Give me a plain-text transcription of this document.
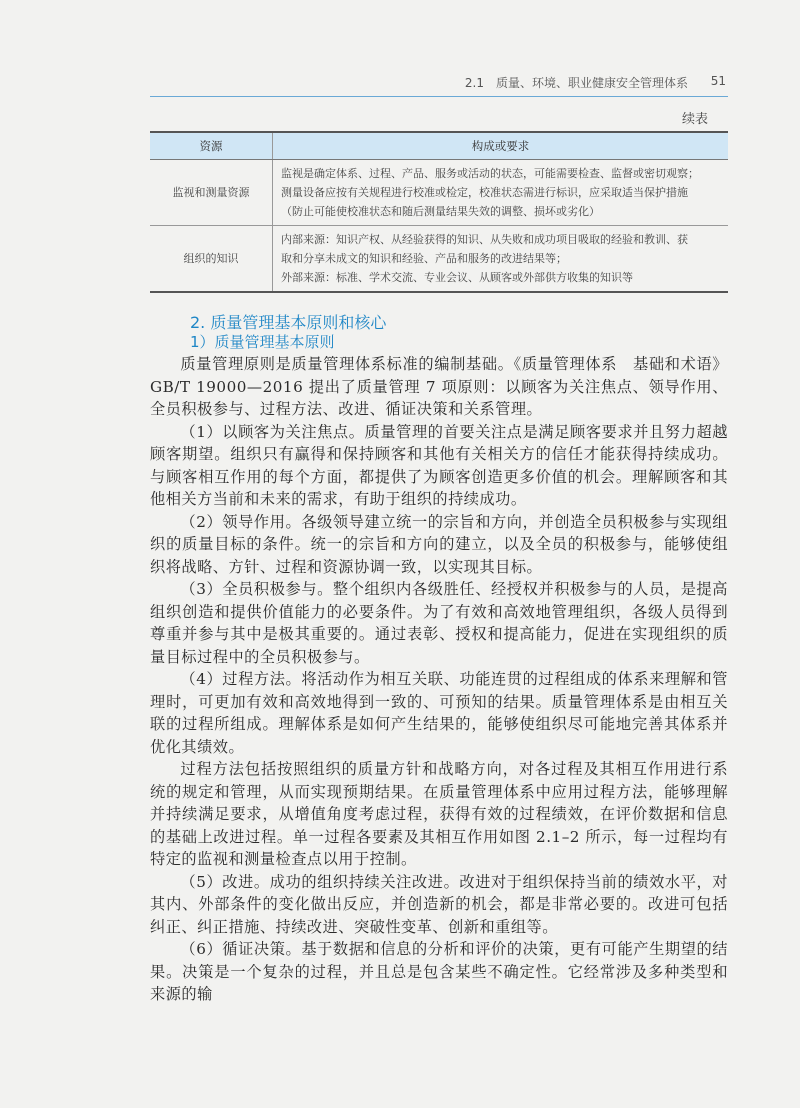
2.1　质量、环境、职业健康安全管理体系 51
续表
资源	构成或要求
监视和测量资源	监视是确定体系、过程、产品、服务或活动的状态，可能需要检查、监督或密切观察；
测量设备应按有关规程进行校准或检定，校准状态需进行标识，应采取适当保护措施
（防止可能使校准状态和随后测量结果失效的调整、损坏或劣化）

组织的知识	内部来源：知识产权、从经验获得的知识、从失败和成功项目吸取的经验和教训、获
取和分享未成文的知识和经验、产品和服务的改进结果等；
外部来源：标准、学术交流、专业会议、从顾客或外部供方收集的知识等
2. 质量管理基本原则和核心
1）质量管理基本原则

质量管理原则是质量管理体系标准的编制基础。《质量管理体系　基础和术语》GB/T 19000—2016 提出了质量管理 7 项原则：以顾客为关注焦点、领导作用、全员积极参与、过程方法、改进、循证决策和关系管理。

（1）以顾客为关注焦点。质量管理的首要关注点是满足顾客要求并且努力超越顾客期望。组织只有赢得和保持顾客和其他有关相关方的信任才能获得持续成功。与顾客相互作用的每个方面，都提供了为顾客创造更多价值的机会。理解顾客和其他相关方当前和未来的需求，有助于组织的持续成功。

（2）领导作用。各级领导建立统一的宗旨和方向，并创造全员积极参与实现组织的质量目标的条件。统一的宗旨和方向的建立，以及全员的积极参与，能够使组织将战略、方针、过程和资源协调一致，以实现其目标。

（3）全员积极参与。整个组织内各级胜任、经授权并积极参与的人员，是提高组织创造和提供价值能力的必要条件。为了有效和高效地管理组织，各级人员得到尊重并参与其中是极其重要的。通过表彰、授权和提高能力，促进在实现组织的质量目标过程中的全员积极参与。

（4）过程方法。将活动作为相互关联、功能连贯的过程组成的体系来理解和管理时，可更加有效和高效地得到一致的、可预知的结果。质量管理体系是由相互关联的过程所组成。理解体系是如何产生结果的，能够使组织尽可能地完善其体系并优化其绩效。

过程方法包括按照组织的质量方针和战略方向，对各过程及其相互作用进行系统的规定和管理，从而实现预期结果。在质量管理体系中应用过程方法，能够理解并持续满足要求，从增值角度考虑过程，获得有效的过程绩效，在评价数据和信息的基础上改进过程。单一过程各要素及其相互作用如图 2.1–2 所示，每一过程均有特定的监视和测量检查点以用于控制。

（5）改进。成功的组织持续关注改进。改进对于组织保持当前的绩效水平，对其内、外部条件的变化做出反应，并创造新的机会，都是非常必要的。改进可包括纠正、纠正措施、持续改进、突破性变革、创新和重组等。

（6）循证决策。基于数据和信息的分析和评价的决策，更有可能产生期望的结果。决策是一个复杂的过程，并且总是包含某些不确定性。它经常涉及多种类型和来源的输
